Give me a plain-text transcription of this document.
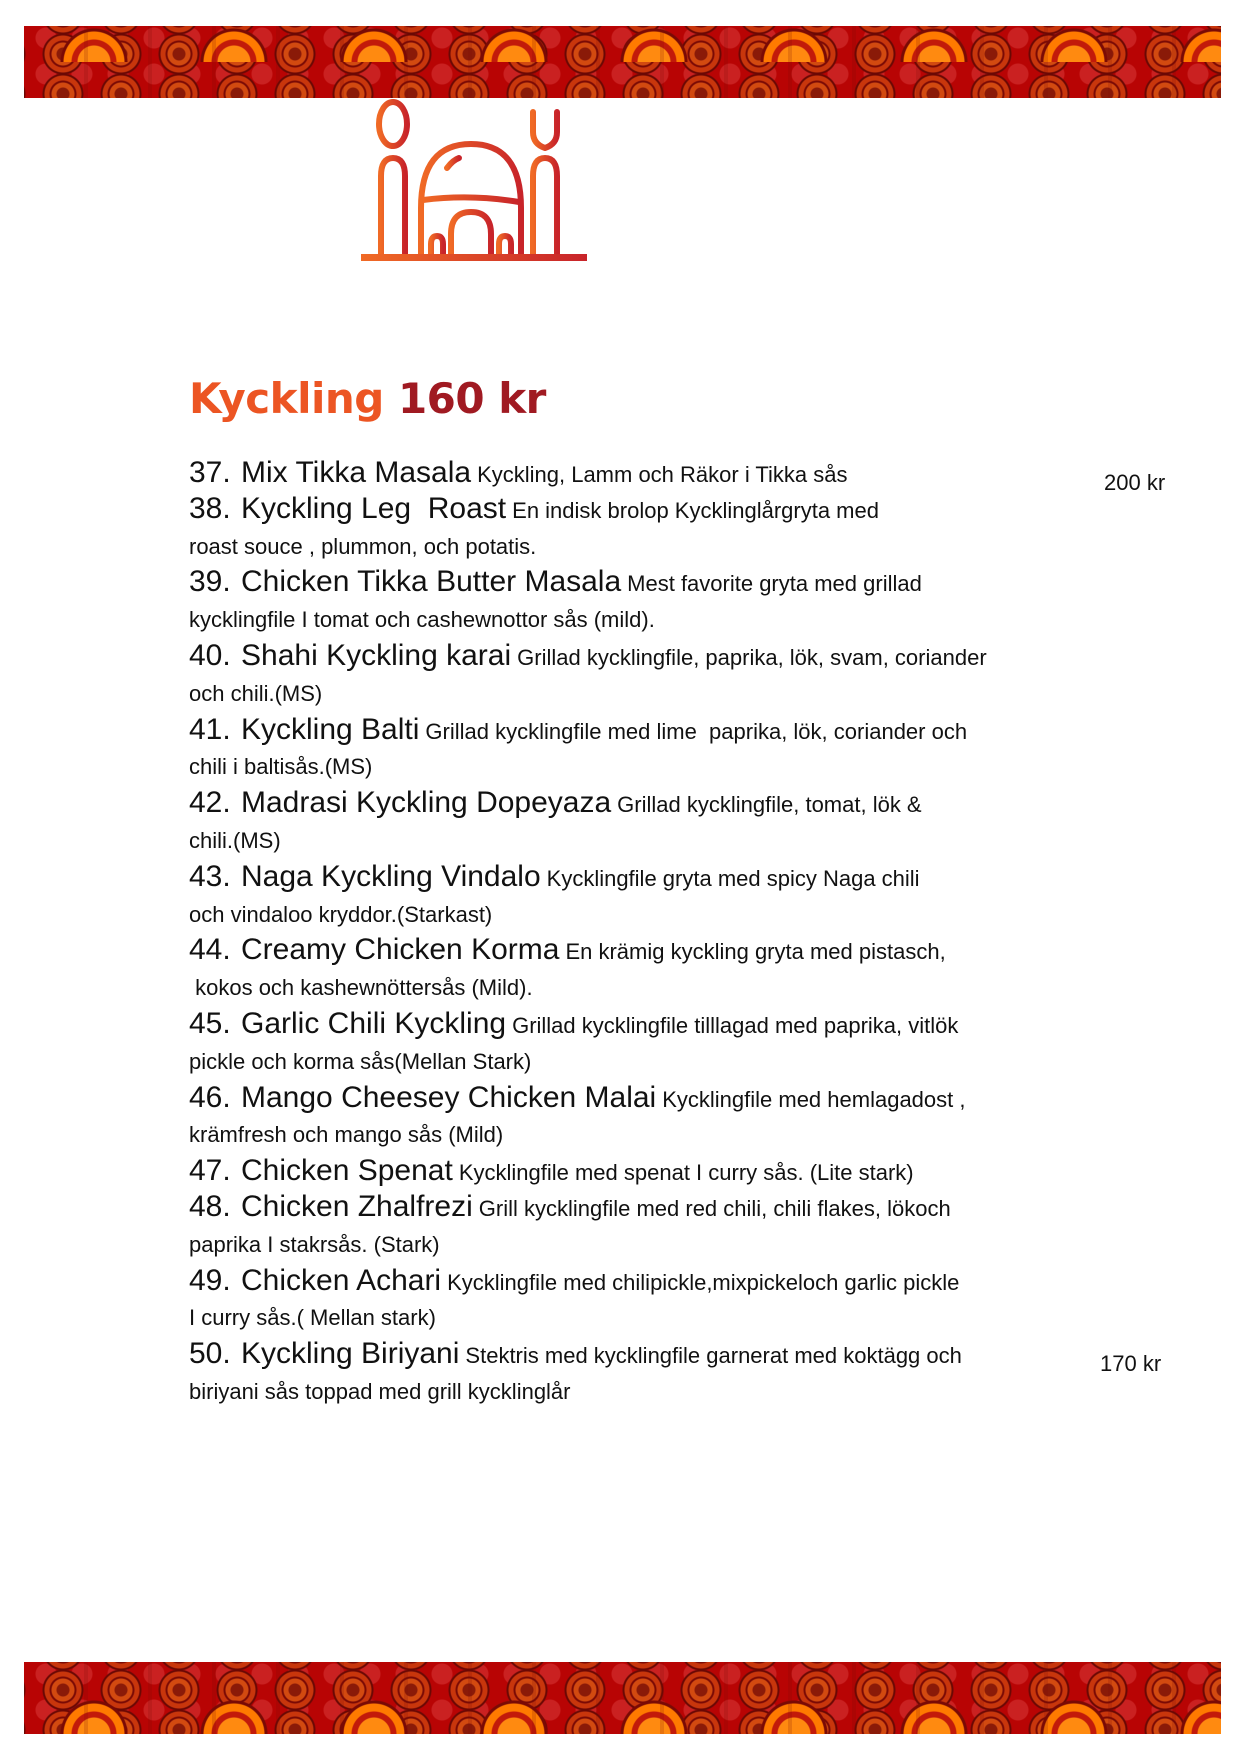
NAWABI
KITCHEN
Kyckling 160 kr
37. Mix Tikka Masala Kyckling, Lamm och Räkor i Tikka sås	200 kr
38. Kyckling Leg  Roast En indisk brolop Kycklinglårgryta med
roast souce , plummon, och potatis.
39. Chicken Tikka Butter Masala Mest favorite gryta med grillad
kycklingfile I tomat och cashewnottor sås (mild).
40. Shahi Kyckling karai Grillad kycklingfile, paprika, lök, svam, coriander
och chili.(MS)
41. Kyckling Balti Grillad kycklingfile med lime  paprika, lök, coriander och
chili i baltisås.(MS)
42. Madrasi Kyckling Dopeyaza Grillad kycklingfile, tomat, lök &
chili.(MS)
43. Naga Kyckling Vindalo Kycklingfile gryta med spicy Naga chili
och vindaloo kryddor.(Starkast)
44. Creamy Chicken Korma En krämig kyckling gryta med pistasch,
kokos och kashewnöttersås (Mild).
45. Garlic Chili Kyckling Grillad kycklingfile tilllagad med paprika, vitlök
pickle och korma sås(Mellan Stark)
46. Mango Cheesey Chicken Malai Kycklingfile med hemlagadost ,
krämfresh och mango sås (Mild)
47. Chicken Spenat Kycklingfile med spenat I curry sås. (Lite stark)
48. Chicken Zhalfrezi Grill kycklingfile med red chili, chili flakes, lökoch
paprika I stakrsås. (Stark)
49. Chicken Achari Kycklingfile med chilipickle,mixpickeloch garlic pickle
I curry sås.( Mellan stark)
50. Kyckling Biriyani Stektris med kycklingfile garnerat med koktägg och	170 kr
biriyani sås toppad med grill kycklinglår
